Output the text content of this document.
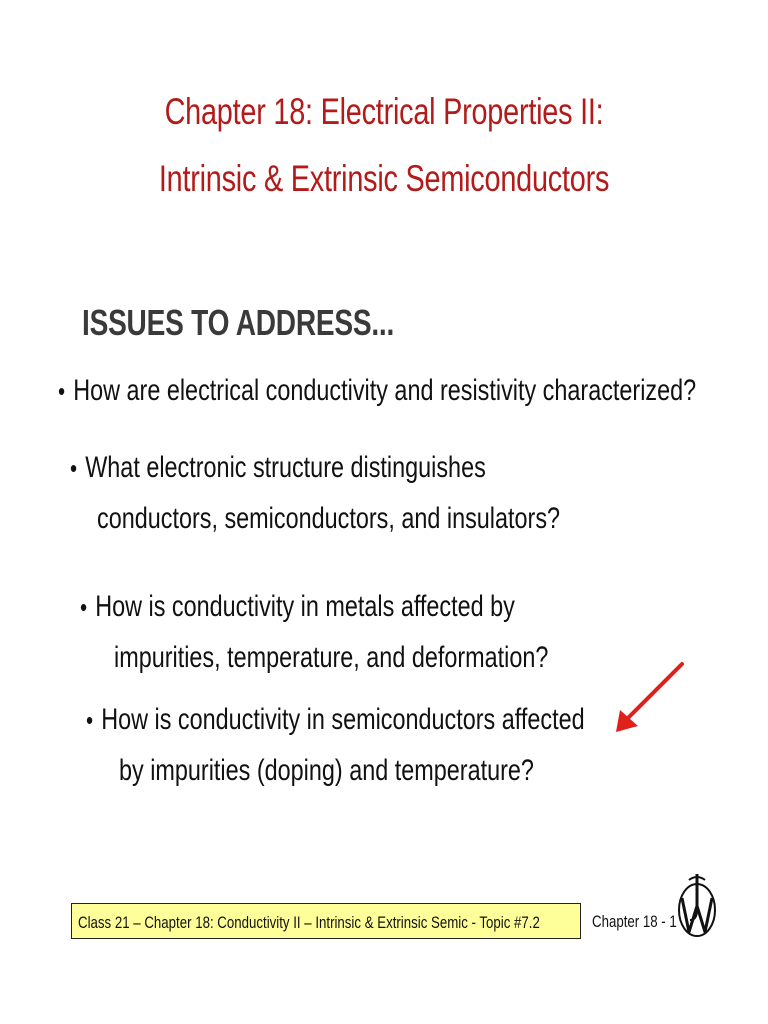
Chapter 18: Electrical Properties II:
Intrinsic & Extrinsic Semiconductors
ISSUES TO ADDRESS...
• How are electrical conductivity and resistivity characterized?
• What electronic structure distinguishes
conductors, semiconductors, and insulators?
• How is conductivity in metals affected by
impurities, temperature, and deformation?
• How is conductivity in semiconductors affected
by impurities (doping) and temperature?
Class 21 – Chapter 18: Conductivity II – Intrinsic & Extrinsic Semic - Topic #7.2	Chapter 18 - 1
